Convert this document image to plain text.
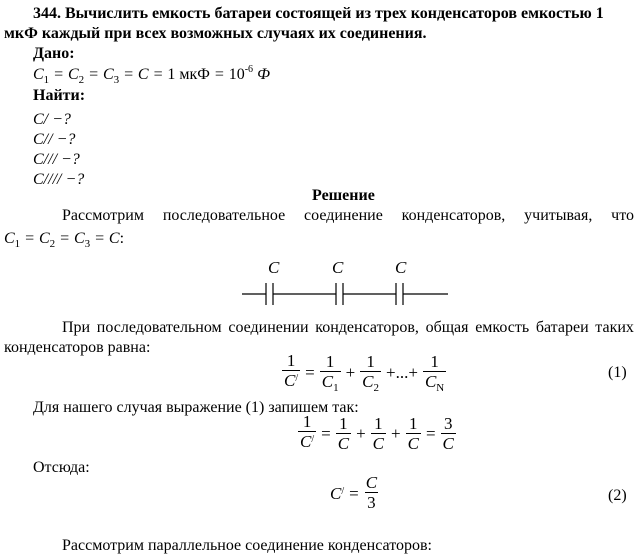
344. Вычислить емкость батареи состоящей из трех конденсаторов емкостью 1
мкФ каждый при всех возможных случаях их соединения.
Дано:
$C_1 = C_2 = C_3 = C = 1$ мкФ = $10^{-6}$ Ф
Найти:
C/ −?
C// −?
C/// −?
C//// −?
Решение
Рассмотрим последовательное соединение конденсаторов, учитывая, что
$C_1 = C_2 = C_3 = C$:
C	C	C
При последовательном соединении конденсаторов, общая емкость батареи таких
конденсаторов равна:
$\frac{1}{C^/} = \frac{1}{C_1} + \frac{1}{C_2}$ +...+ $\frac{1}{C_N}$	(1)
Для нашего случая выражение (1) запишем так:
$\frac{1}{C^/} = \frac{1}{C} + \frac{1}{C} + \frac{1}{C} = \frac{3}{C}$
Отсюда:
$C^/ = \frac{C}{3}$	(2)
Рассмотрим параллельное соединение конденсаторов:
